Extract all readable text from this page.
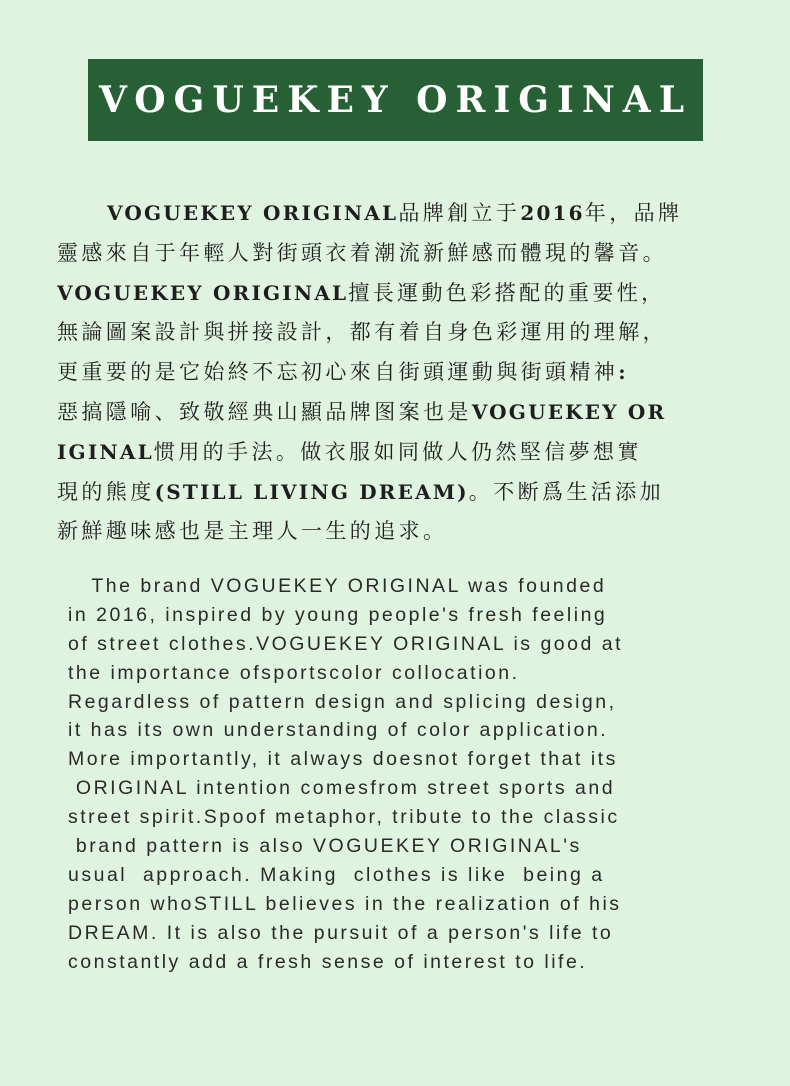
VOGUEKEY ORIGINAL
VOGUEKEY ORIGINAL品牌創立于2016年，品牌
靈感來自于年輕人對街頭衣着潮流新鮮感而體現的馨音。
VOGUEKEY ORIGINAL擅長運動色彩搭配的重要性，
無論圖案設計與拼接設計，都有着自身色彩運用的理解，
更重要的是它始終不忘初心來自街頭運動與街頭精神:
惡搞隱喻、致敬經典山顯品牌图案也是VOGUEKEY OR
IGINAL惯用的手法。做衣服如同做人仍然堅信夢想實
現的熊度(STILL LIVING DREAM)。不断爲生活添加
新鮮趣味感也是主理人一生的追求。
The brand VOGUEKEY ORIGINAL was founded
in 2016, inspired by young people's fresh feeling
of street clothes.VOGUEKEY ORIGINAL is good at
the importance ofsportscolor collocation.
Regardless of pattern design and splicing design,
it has its own understanding of color application.
More importantly, it always doesnot forget that its
ORIGINAL intention comesfrom street sports and
street spirit.Spoof metaphor, tribute to the classic
brand pattern is also VOGUEKEY ORIGINAL's
usual  approach. Making  clothes is like  being a
person whoSTILL believes in the realization of his
DREAM. It is also the pursuit of a person's life to
constantly add a fresh sense of interest to life.
